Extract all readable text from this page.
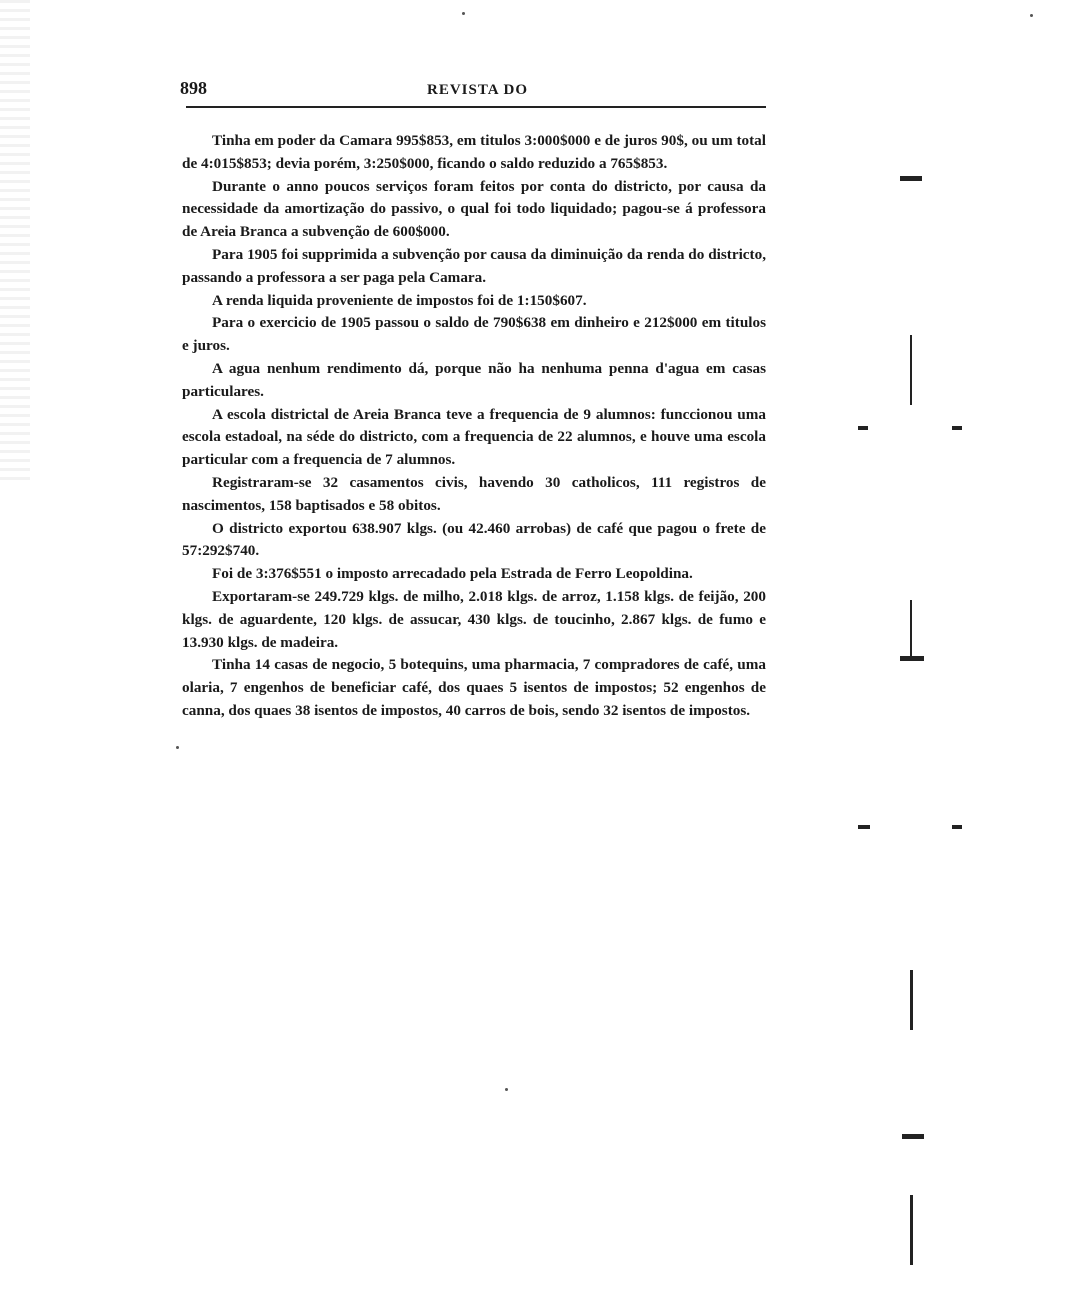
898	REVISTA DO

Tinha em poder da Camara 995$853, em titulos 3:000$000 e de juros 90$, ou um total de 4:015$853; devia porém, 3:250$000, ficando o saldo reduzido a 765$853.

Durante o anno poucos serviços foram feitos por conta do districto, por causa da necessidade da amortização do passivo, o qual foi todo liquidado; pagou-se á professora de Areia Branca a subvenção de 600$000.

Para 1905 foi supprimida a subvenção por causa da diminuição da renda do districto, passando a professora a ser paga pela Camara.

A renda liquida proveniente de impostos foi de 1:150$607.

Para o exercicio de 1905 passou o saldo de 790$638 em dinheiro e 212$000 em titulos e juros.

A agua nenhum rendimento dá, porque não ha nenhuma penna d'agua em casas particulares.

A escola districtal de Areia Branca teve a frequencia de 9 alumnos: funccionou uma escola estadoal, na séde do districto, com a frequencia de 22 alumnos, e houve uma escola particular com a frequencia de 7 alumnos.

Registraram-se 32 casamentos civis, havendo 30 catholicos, 111 registros de nascimentos, 158 baptisados e 58 obitos.

O districto exportou 638.907 klgs. (ou 42.460 arrobas) de café que pagou o frete de 57:292$740.

Foi de 3:376$551 o imposto arrecadado pela Estrada de Ferro Leopoldina.

Exportaram-se 249.729 klgs. de milho, 2.018 klgs. de arroz, 1.158 klgs. de feijão, 200 klgs. de aguardente, 120 klgs. de assucar, 430 klgs. de toucinho, 2.867 klgs. de fumo e 13.930 klgs. de madeira.

Tinha 14 casas de negocio, 5 botequins, uma pharmacia, 7 compradores de café, uma olaria, 7 engenhos de beneficiar café, dos quaes 5 isentos de impostos; 52 engenhos de canna, dos quaes 38 isentos de impostos, 40 carros de bois, sendo 32 isentos de impostos.
